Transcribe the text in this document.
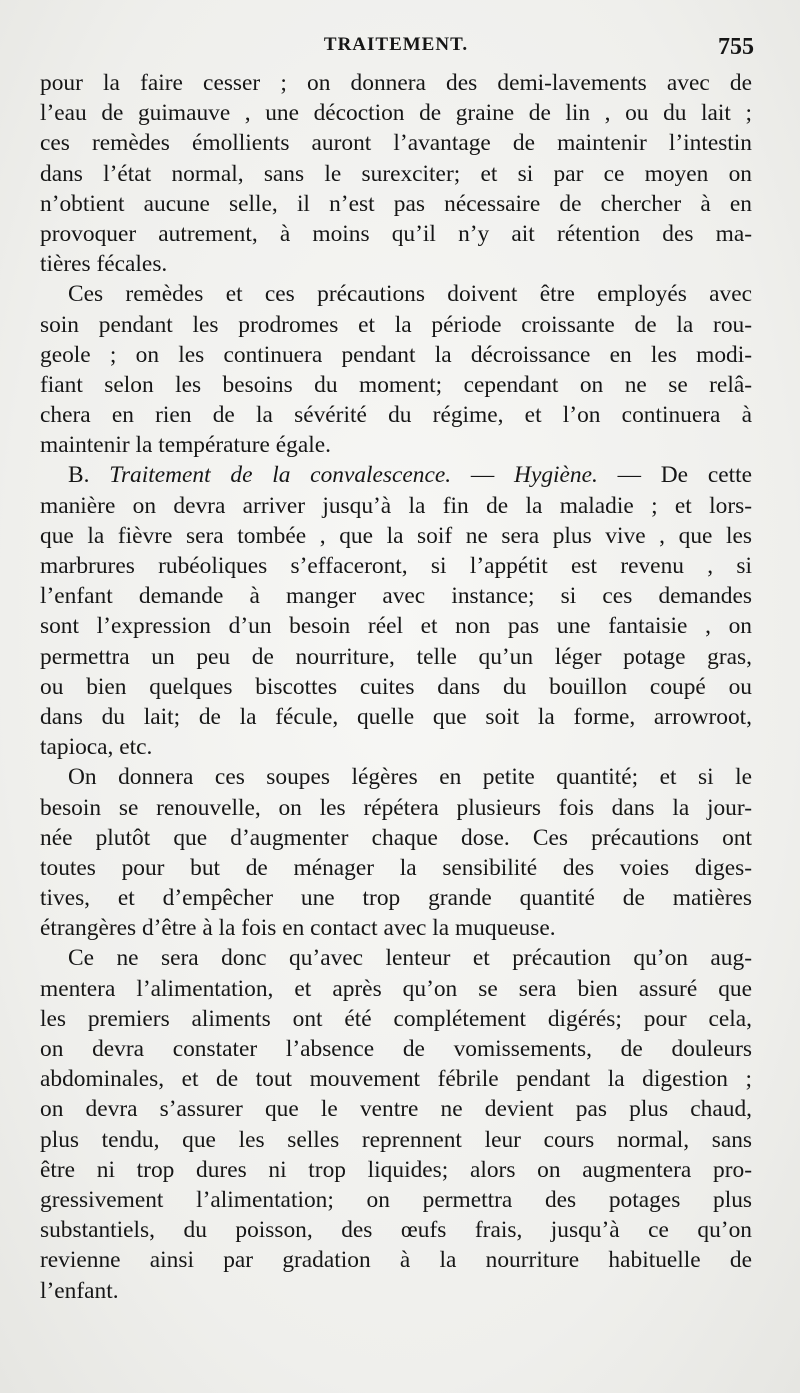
TRAITEMENT.	755
pour la faire cesser ; on donnera des demi-lavements avec de
l’eau de guimauve , une décoction de graine de lin , ou du lait ;
ces remèdes émollients auront l’avantage de maintenir l’intestin
dans l’état normal, sans le surexciter; et si par ce moyen on
n’obtient aucune selle, il n’est pas nécessaire de chercher à en
provoquer autrement, à moins qu’il n’y ait rétention des ma-
tières fécales.
Ces remèdes et ces précautions doivent être employés avec
soin pendant les prodromes et la période croissante de la rou-
geole ; on les continuera pendant la décroissance en les modi-
fiant selon les besoins du moment; cependant on ne se relâ-
chera en rien de la sévérité du régime, et l’on continuera à
maintenir la température égale.
B. Traitement de la convalescence. — Hygiène. — De cette
manière on devra arriver jusqu’à la fin de la maladie ; et lors-
que la fièvre sera tombée , que la soif ne sera plus vive , que les
marbrures rubéoliques s’effaceront, si l’appétit est revenu , si
l’enfant demande à manger avec instance; si ces demandes
sont l’expression d’un besoin réel et non pas une fantaisie , on
permettra un peu de nourriture, telle qu’un léger potage gras,
ou bien quelques biscottes cuites dans du bouillon coupé ou
dans du lait; de la fécule, quelle que soit la forme, arrowroot,
tapioca, etc.
On donnera ces soupes légères en petite quantité; et si le
besoin se renouvelle, on les répétera plusieurs fois dans la jour-
née plutôt que d’augmenter chaque dose. Ces précautions ont
toutes pour but de ménager la sensibilité des voies diges-
tives, et d’empêcher une trop grande quantité de matières
étrangères d’être à la fois en contact avec la muqueuse.
Ce ne sera donc qu’avec lenteur et précaution qu’on aug-
mentera l’alimentation, et après qu’on se sera bien assuré que
les premiers aliments ont été complétement digérés; pour cela,
on devra constater l’absence de vomissements, de douleurs
abdominales, et de tout mouvement fébrile pendant la digestion ;
on devra s’assurer que le ventre ne devient pas plus chaud,
plus tendu, que les selles reprennent leur cours normal, sans
être ni trop dures ni trop liquides; alors on augmentera pro-
gressivement l’alimentation; on permettra des potages plus
substantiels, du poisson, des œufs frais, jusqu’à ce qu’on
revienne ainsi par gradation à la nourriture habituelle de
l’enfant.
